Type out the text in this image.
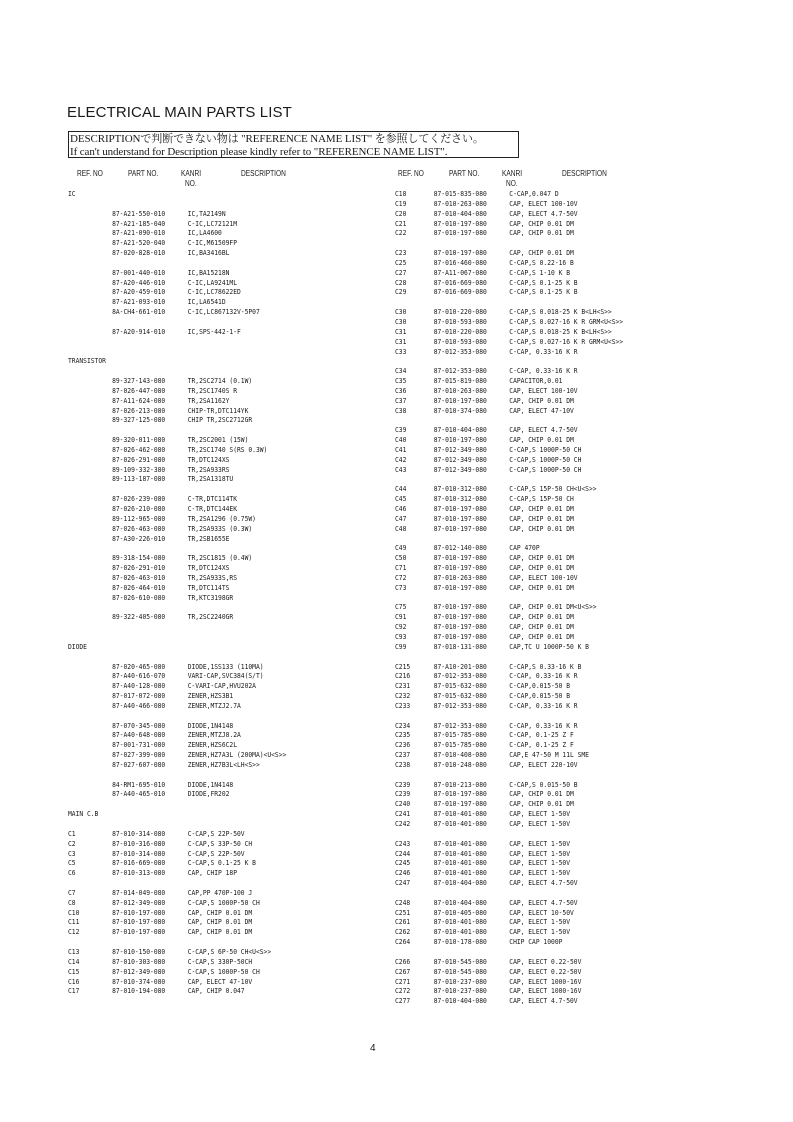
ELECTRICAL MAIN PARTS LIST
DESCRIPTIONで判断できない物は "REFERENCE NAME LIST" を参照してください。
If can't understand for Description please kindly refer to "REFERENCE NAME LIST".
REF. NO	PART NO.	KANRI
NO.
DESCRIPTION	REF. NO	PART NO.	KANRI
NO.
DESCRIPTION
IC
87-A21-550-010	IC,TA2149N
87-A21-185-040	C-IC,LC72121M
87-A21-090-010	IC,LA4600
87-A21-520-040	C-IC,M61509FP
87-020-828-010	IC,BA3416BL
87-001-440-010	IC,BA15218N
87-A20-446-010	C-IC,LA9241ML
87-A20-459-010	C-IC,LC78622ED
87-A21-093-010	IC,LA6541D
8A-CH4-661-010	C-IC,LC867132V-5P07
87-A20-914-010	IC,SPS-442-1-F
TRANSISTOR
89-327-143-080	TR,2SC2714 (0.1W)
87-026-447-080	TR,2SC1740S R
87-A11-624-080	TR,2SA1162Y
87-026-213-080	CHIP-TR,DTC114YK
89-327-125-080	CHIP TR,2SC2712GR
89-320-011-080	TR,2SC2001 (15W)
87-026-462-080	TR,2SC1740 S(RS 0.3W)
87-026-291-080	TR,DTC124XS
89-109-332-380	TR,2SA933RS
89-113-187-080	TR,2SA1318TU
87-026-239-080	C-TR,DTC114TK
87-026-210-080	C-TR,DTC144EK
89-112-965-080	TR,2SA1296 (0.75W)
87-026-463-080	TR,2SA933S (0.3W)
87-A30-226-010	TR,2SB1655E
89-318-154-080	TR,2SC1815 (0.4W)
87-026-291-010	TR,DTC124XS
87-026-463-010	TR,2SA933S,RS
87-026-464-010	TR,DTC114TS
87-026-610-080	TR,KTC3198GR
89-322-405-080	TR,2SC2240GR
DIODE
87-020-465-080	DIODE,1SS133 (110MA)
87-A40-616-070	VARI-CAP,SVC384(S/T)
87-A40-128-080	C-VARI-CAP,HVU202A
87-017-072-080	ZENER,HZS3B1
87-A40-466-080	ZENER,MTZJ2.7A
87-070-345-080	DIODE,1N4148
87-A40-648-080	ZENER,MTZJ8.2A
87-001-731-080	ZENER,HZS6C2L
87-027-399-080	ZENER,HZ7A3L (200MA)<U<S>>
87-027-607-080	ZENER,HZ7B3L<LH<S>>
84-RM1-695-010	DIODE,1N4148
87-A40-465-010	DIODE,FR202
MAIN C.B
C1	87-010-314-080	C-CAP,S 22P-50V
C2	87-010-316-080	C-CAP,S 33P-50 CH
C3	87-010-314-080	C-CAP,S 22P-50V
C5	87-016-669-080	C-CAP,S 0.1-25 K B
C6	87-010-313-080	CAP, CHIP 18P
C7	87-014-049-080	CAP,PP 470P-100 J
C8	87-012-349-080	C-CAP,S 1000P-50 CH
C10	87-010-197-080	CAP, CHIP 0.01 DM
C11	87-010-197-080	CAP, CHIP 0.01 DM
C12	87-010-197-080	CAP, CHIP 0.01 DM
C13	87-010-150-080	C-CAP,S 6P-50 CH<U<S>>
C14	87-010-303-080	C-CAP,S 330P-50CH
C15	87-012-349-080	C-CAP,S 1000P-50 CH
C16	87-010-374-080	CAP, ELECT 47-10V
C17	87-010-194-080	CAP, CHIP 0.047
C18	87-015-835-080	C-CAP,0.047 D
C19	87-010-263-080	CAP, ELECT 100-10V
C20	87-010-404-080	CAP, ELECT 4.7-50V
C21	87-010-197-080	CAP, CHIP 0.01 DM
C22	87-010-197-080	CAP, CHIP 0.01 DM
C23	87-010-197-080	CAP, CHIP 0.01 DM
C25	87-016-460-080	C-CAP,S 0.22-16 B
C27	87-A11-067-080	C-CAP,S 1-10 K B
C28	87-016-669-080	C-CAP,S 0.1-25 K B
C29	87-016-669-080	C-CAP,S 0.1-25 K B
C30	87-010-220-080	C-CAP,S 0.018-25 K B<LH<S>>
C30	87-010-593-080	C-CAP,S 0.027-16 K R GRM<U<S>>
C31	87-010-220-080	C-CAP,S 0.018-25 K B<LH<S>>
C31	87-010-593-080	C-CAP,S 0.027-16 K R GRM<U<S>>
C33	87-012-353-080	C-CAP, 0.33-16 K R
C34	87-012-353-080	C-CAP, 0.33-16 K R
C35	87-015-819-080	CAPACITOR,0.01
C36	87-010-263-080	CAP, ELECT 100-10V
C37	87-010-197-080	CAP, CHIP 0.01 DM
C38	87-010-374-080	CAP, ELECT 47-10V
C39	87-010-404-080	CAP, ELECT 4.7-50V
C40	87-010-197-080	CAP, CHIP 0.01 DM
C41	87-012-349-080	C-CAP,S 1000P-50 CH
C42	87-012-349-080	C-CAP,S 1000P-50 CH
C43	87-012-349-080	C-CAP,S 1000P-50 CH
C44	87-010-312-080	C-CAP,S 15P-50 CH<U<S>>
C45	87-010-312-080	C-CAP,S 15P-50 CH
C46	87-010-197-080	CAP, CHIP 0.01 DM
C47	87-010-197-080	CAP, CHIP 0.01 DM
C48	87-010-197-080	CAP, CHIP 0.01 DM
C49	87-012-140-080	CAP 470P
C50	87-010-197-080	CAP, CHIP 0.01 DM
C71	87-010-197-080	CAP, CHIP 0.01 DM
C72	87-010-263-080	CAP, ELECT 100-10V
C73	87-010-197-080	CAP, CHIP 0.01 DM
C75	87-010-197-080	CAP, CHIP 0.01 DM<U<S>>
C91	87-010-197-080	CAP, CHIP 0.01 DM
C92	87-010-197-080	CAP, CHIP 0.01 DM
C93	87-010-197-080	CAP, CHIP 0.01 DM
C99	87-018-131-080	CAP,TC U 1000P-50 K B
C215	87-A10-201-080	C-CAP,S 0.33-16 K B
C216	87-012-353-080	C-CAP, 0.33-16 K R
C231	87-015-632-080	C-CAP,0.015-50 B
C232	87-015-632-080	C-CAP,0.015-50 B
C233	87-012-353-080	C-CAP, 0.33-16 K R
C234	87-012-353-080	C-CAP, 0.33-16 K R
C235	87-015-785-080	C-CAP, 0.1-25 Z F
C236	87-015-785-080	C-CAP, 0.1-25 Z F
C237	87-010-408-080	CAP,E 47-50 M 11L SME
C238	87-010-248-080	CAP, ELECT 220-10V
C239	87-010-213-080	C-CAP,S 0.015-50 B
C239	87-010-197-080	CAP, CHIP 0.01 DM
C240	87-010-197-080	CAP, CHIP 0.01 DM
C241	87-010-401-080	CAP, ELECT 1-50V
C242	87-010-401-080	CAP, ELECT 1-50V
C243	87-010-401-080	CAP, ELECT 1-50V
C244	87-010-401-080	CAP, ELECT 1-50V
C245	87-010-401-080	CAP, ELECT 1-50V
C246	87-010-401-080	CAP, ELECT 1-50V
C247	87-010-404-080	CAP, ELECT 4.7-50V
C248	87-010-404-080	CAP, ELECT 4.7-50V
C251	87-010-405-080	CAP, ELECT 10-50V
C261	87-010-401-080	CAP, ELECT 1-50V
C262	87-010-401-080	CAP, ELECT 1-50V
C264	87-010-178-080	CHIP CAP 1000P
C266	87-010-545-080	CAP, ELECT 0.22-50V
C267	87-010-545-080	CAP, ELECT 0.22-50V
C271	87-010-237-080	CAP, ELECT 1000-16V
C272	87-010-237-080	CAP, ELECT 1000-16V
C277	87-010-404-080	CAP, ELECT 4.7-50V
4
